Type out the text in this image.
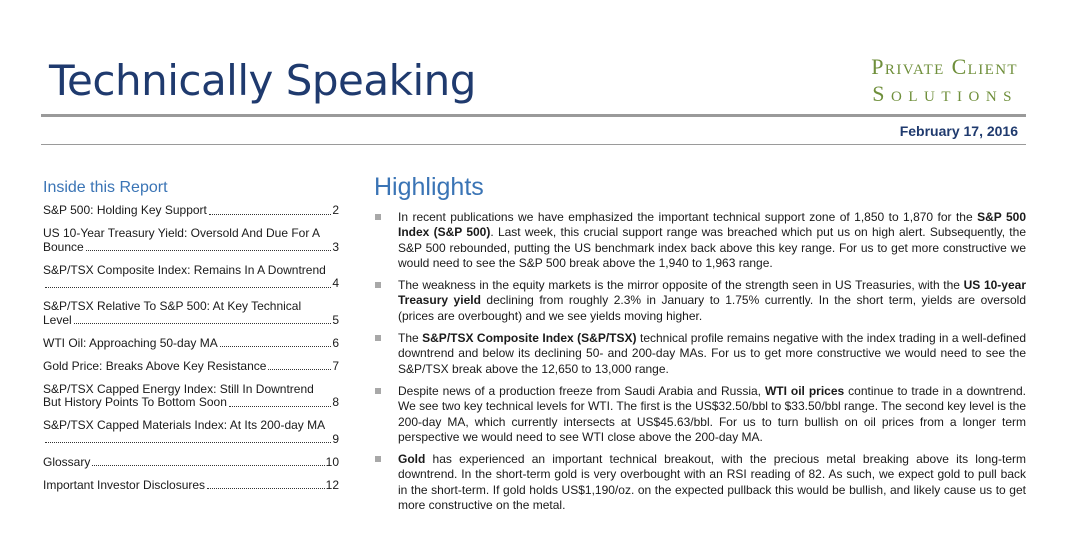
Technically Speaking	Private Client
Solutions

February 17, 2016

Inside this Report
S&P 500: Holding Key Support	2
US 10-Year Treasury Yield: Oversold And Due For A
Bounce	3
S&P/TSX Composite Index: Remains In A Downtrend
4
S&P/TSX Relative To S&P 500: At Key Technical
Level	5
WTI Oil: Approaching 50-day MA	6
Gold Price: Breaks Above Key Resistance	7
S&P/TSX Capped Energy Index: Still In Downtrend
But History Points To Bottom Soon	8
S&P/TSX Capped Materials Index: At Its 200-day MA
9
Glossary	10
Important Investor Disclosures	12
Highlights
In recent publications we have emphasized the important technical support zone of 1,850 to 1,870 for the S&P 500 Index (S&P 500). Last week, this crucial support range was breached which put us on high alert. Subsequently, the S&P 500 rebounded, putting the US benchmark index back above this key range. For us to get more constructive we would need to see the S&P 500 break above the 1,940 to 1,963 range.
The weakness in the equity markets is the mirror opposite of the strength seen in US Treasuries, with the US 10-year Treasury yield declining from roughly 2.3% in January to 1.75% currently. In the short term, yields are oversold (prices are overbought) and we see yields moving higher.
The S&P/TSX Composite Index (S&P/TSX) technical profile remains negative with the index trading in a well-defined downtrend and below its declining 50- and 200-day MAs. For us to get more constructive we would need to see the S&P/TSX break above the 12,650 to 13,000 range.
Despite news of a production freeze from Saudi Arabia and Russia, WTI oil prices continue to trade in a downtrend. We see two key technical levels for WTI. The first is the US$32.50/bbl to $33.50/bbl range. The second key level is the 200-day MA, which currently intersects at US$45.63/bbl. For us to turn bullish on oil prices from a longer term perspective we would need to see WTI close above the 200-day MA.
Gold has experienced an important technical breakout, with the precious metal breaking above its long-term downtrend. In the short-term gold is very overbought with an RSI reading of 82. As such, we expect gold to pull back in the short-term. If gold holds US$1,190/oz. on the expected pullback this would be bullish, and likely cause us to get more constructive on the metal.
